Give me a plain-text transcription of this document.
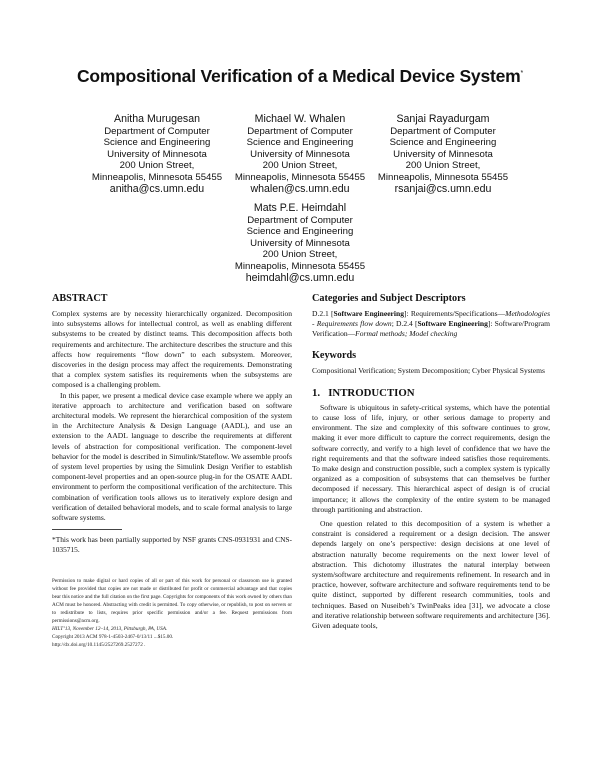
Compositional Verification of a Medical Device System*
Anitha Murugesan
Department of Computer
Science and Engineering
University of Minnesota
200 Union Street,
Minneapolis, Minnesota 55455
anitha@cs.umn.edu
Michael W. Whalen
Department of Computer
Science and Engineering
University of Minnesota
200 Union Street,
Minneapolis, Minnesota 55455
whalen@cs.umn.edu
Sanjai Rayadurgam
Department of Computer
Science and Engineering
University of Minnesota
200 Union Street,
Minneapolis, Minnesota 55455
rsanjai@cs.umn.edu
Mats P.E. Heimdahl
Department of Computer
Science and Engineering
University of Minnesota
200 Union Street,
Minneapolis, Minnesota 55455
heimdahl@cs.umn.edu
ABSTRACT

Complex systems are by necessity hierarchically organized. Decomposition into subsystems allows for intellectual control, as well as enabling different subsystems to be created by distinct teams. This decomposition affects both requirements and architecture. The architecture describes the structure and this affects how requirements “flow down” to each subsystem. Moreover, discoveries in the design process may affect the requirements. Demonstrating that a complex system satisfies its requirements when the subsystems are composed is a challenging problem.

In this paper, we present a medical device case example where we apply an iterative approach to architecture and verification based on software architectural models. We represent the hierarchical composition of the system in the Architecture Analysis & Design Language (AADL), and use an extension to the AADL language to describe the requirements at different levels of abstraction for compositional verification. The component-level behavior for the model is described in Simulink/Stateflow. We assemble proofs of system level properties by using the Simulink Design Verifier to establish component-level properties and an open-source plug-in for the OSATE AADL environment to perform the compositional verification of the architecture. This combination of verification tools allows us to iteratively explore design and verification of detailed behavioral models, and to scale formal analysis to large software systems.

*This work has been partially supported by NSF grants CNS-0931931 and CNS-1035715.
Permission to make digital or hard copies of all or part of this work for personal or classroom use is granted without fee provided that copies are not made or distributed for profit or commercial advantage and that copies bear this notice and the full citation on the first page. Copyrights for components of this work owned by others than ACM must be honored. Abstracting with credit is permitted. To copy otherwise, or republish, to post on servers or to redistribute to lists, requires prior specific permission and/or a fee. Request permissions from permissions@acm.org.
HILT’13, November 12–14, 2013, Pittsburgh, PA, USA.
Copyright 2013 ACM 978-1-4503-2467-0/13/11 ...$15.00.
http://dx.doi.org/10.1145/2527269.2527272 .
Categories and Subject Descriptors

D.2.1 [Software Engineering]: Requirements/Specifications—Methodologies - Requirements flow down; D.2.4 [Software Engineering]: Software/Program Verification—Formal methods; Model checking

Keywords

Compositional Verification; System Decomposition; Cyber Physical Systems

1.   INTRODUCTION

Software is ubiquitous in safety-critical systems, which have the potential to cause loss of life, injury, or other serious damage to property and environment. The size and complexity of this software continues to grow, making it ever more difficult to capture the correct requirements, design the software correctly, and verify to a high level of confidence that we have the right requirements and that the software indeed satisfies those requirements. To make design and construction possible, such a complex system is typically organized as a composition of subsystems that can themselves be further decomposed if necessary. This hierarchical aspect of design is of crucial importance; it allows the complexity of the entire system to be managed through partitioning and abstraction.

One question related to this decomposition of a system is whether a constraint is considered a requirement or a design decision. The answer depends largely on one’s perspective: design decisions at one level of abstraction naturally become requirements on the next lower level of abstraction. This dichotomy illustrates the natural interplay between system/software architecture and requirements refinement. In research and in practice, however, software architecture and software requirements tend to be quite distinct, supported by different research communities, tools and techniques. Based on Nuseibeh’s TwinPeaks idea [31], we advocate a close and iterative relationship between software requirements and architecture [36]. Given adequate tools,
